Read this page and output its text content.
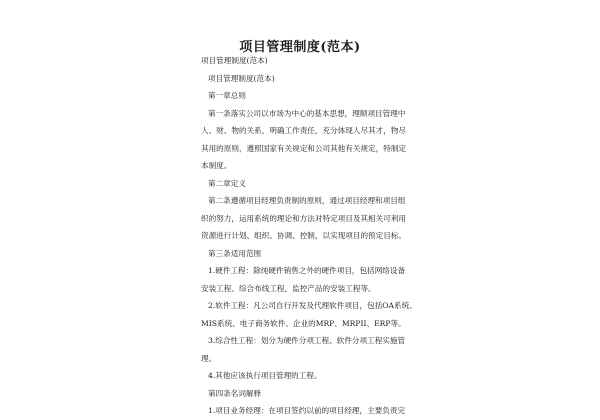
项目管理制度(范本)
项目管理制度(范本)
项目管理制度(范本)
第一章总则
第一条落实公司以市场为中心的基本思想，理顺项目管理中
人、财、物的关系，明确工作责任，充分体现人尽其才，物尽
其用的原则，遵照国家有关规定和公司其他有关规定，特制定
本制度。
第二章定义
第二条遵循项目经理负责制的原则，通过项目经理和项目组
织的努力，运用系统的理论和方法对特定项目及其相关可利用
资源进行计划、组织、协调、控制，以实现项目的预定目标。
第三条适用范围
1.硬件工程：除纯硬件销售之外的硬件项目，包括网络设备
安装工程、综合布线工程，监控产品的安装工程等。
2.软件工程：凡公司自行开发及代理软件项目，包括OA系统、
MIS系统、电子商务软件、企业的MRP、MRPII、ERP等。
3.综合性工程：划分为硬件分项工程、软件分项工程实施管
理。
4.其他应该执行项目管理的工程。
第四条名词解释
1.项目业务经理：在项目签约以前的项目经理，主要负责完
